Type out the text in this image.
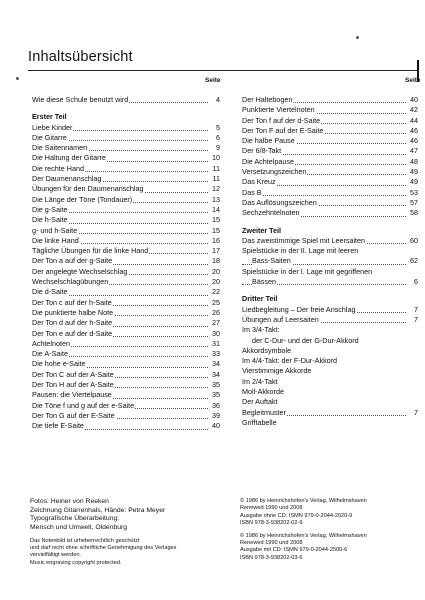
Inhaltsübersicht
Seite	Seite
Wie diese Schule benutzt wird	4
Erster Teil
Liebe Kinder	5
Die Gitarre	6
Die Saitennamen	9
Die Haltung der Gitarre	10
Die rechte Hand	11
Der Daumenanschlag	11
Übungen für den Daumenanschlag	12
Die Länge der Töne (Tondauer)	13
Die g-Saite	14
Die h-Saite	15
g- und h-Saite	15
Die linke Hand	16
Tägliche Übungen für die linke Hand	17
Der Ton a auf der g-Saite	18
Der angelegte Wechselschlag	20
Wechselschlagübungen	20
Die d-Saite	22
Der Ton c auf der h-Saite	25
Die punktierte halbe Note	26
Der Ton d auf der h-Saite	27
Der Ton e auf der d-Saite	30
Achtelnoten	31
Die A-Saite	33
Die hohe e-Saite	34
Der Ton C auf der A-Saite	34
Der Ton H auf der A-Saite	35
Pausen: die Viertelpause	35
Die Töne f und g auf der e-Saite	36
Der Ton G auf der E-Saite	39
Die tiefe E-Saite	40
Der Haltebogen	40
Punktierte Viertelnoten	42
Der Ton f auf der d-Saite	44
Der Ton F auf der E-Saite	46
Die halbe Pause	46
Der 6/8-Takt	47
Die Achtelpause	48
Versetzungszeichen	49
Das Kreuz	49
Das B	53
Das Auflösungszeichen	57
Sechzehntelnoten	58
Zweiter Teil
Das zweistimmige Spiel mit Leersaiten	60
Spielstücke in der II. Lage mit leeren
Bass-Saiten	62
Spielstücke in der I. Lage mit gegriffenen
Bässen	6
Dritter Teil
Liedbegleitung – Der freie Anschlag	7
Übungen auf Leersaiten	7
Im 3/4-Takt:
der C-Dur- und der G-Dur-Akkord
Akkordsymbole
Im 4/4-Takt: der F-Dur-Akkord
Vierstimmige Akkorde
Im 2/4-Takt
Moll-Akkorde
Der Auftakt
Begleitmuster	7
Grifftabelle
Fotos: Heiner von Reeken
Zeichnung Gitarrenhals, Hände: Petra Meyer
Typografische Überarbeitung:
Mensch und Umwelt, Oldenburg
Das Notenbild ist urheberrechtlich geschützt
und darf nicht ohne schriftliche Genehmigung des Verlages
vervielfältigt werden.
Music engraving copyright protected.
© 1986 by Heinrichshofen's Verlag, Wilhelmshaven
Renewed 1990 und 2008
Ausgabe ohne CD: ISMN 979-0-2044-2020-9
ISBN 978-3-938202-02-9
© 1986 by Heinrichshofen's Verlag, Wilhelmshaven
Renewed 1990 und 2008
Ausgabe mit CD: ISMN 979-0-2044-2500-6
ISBN 978-3-938202-03-6
